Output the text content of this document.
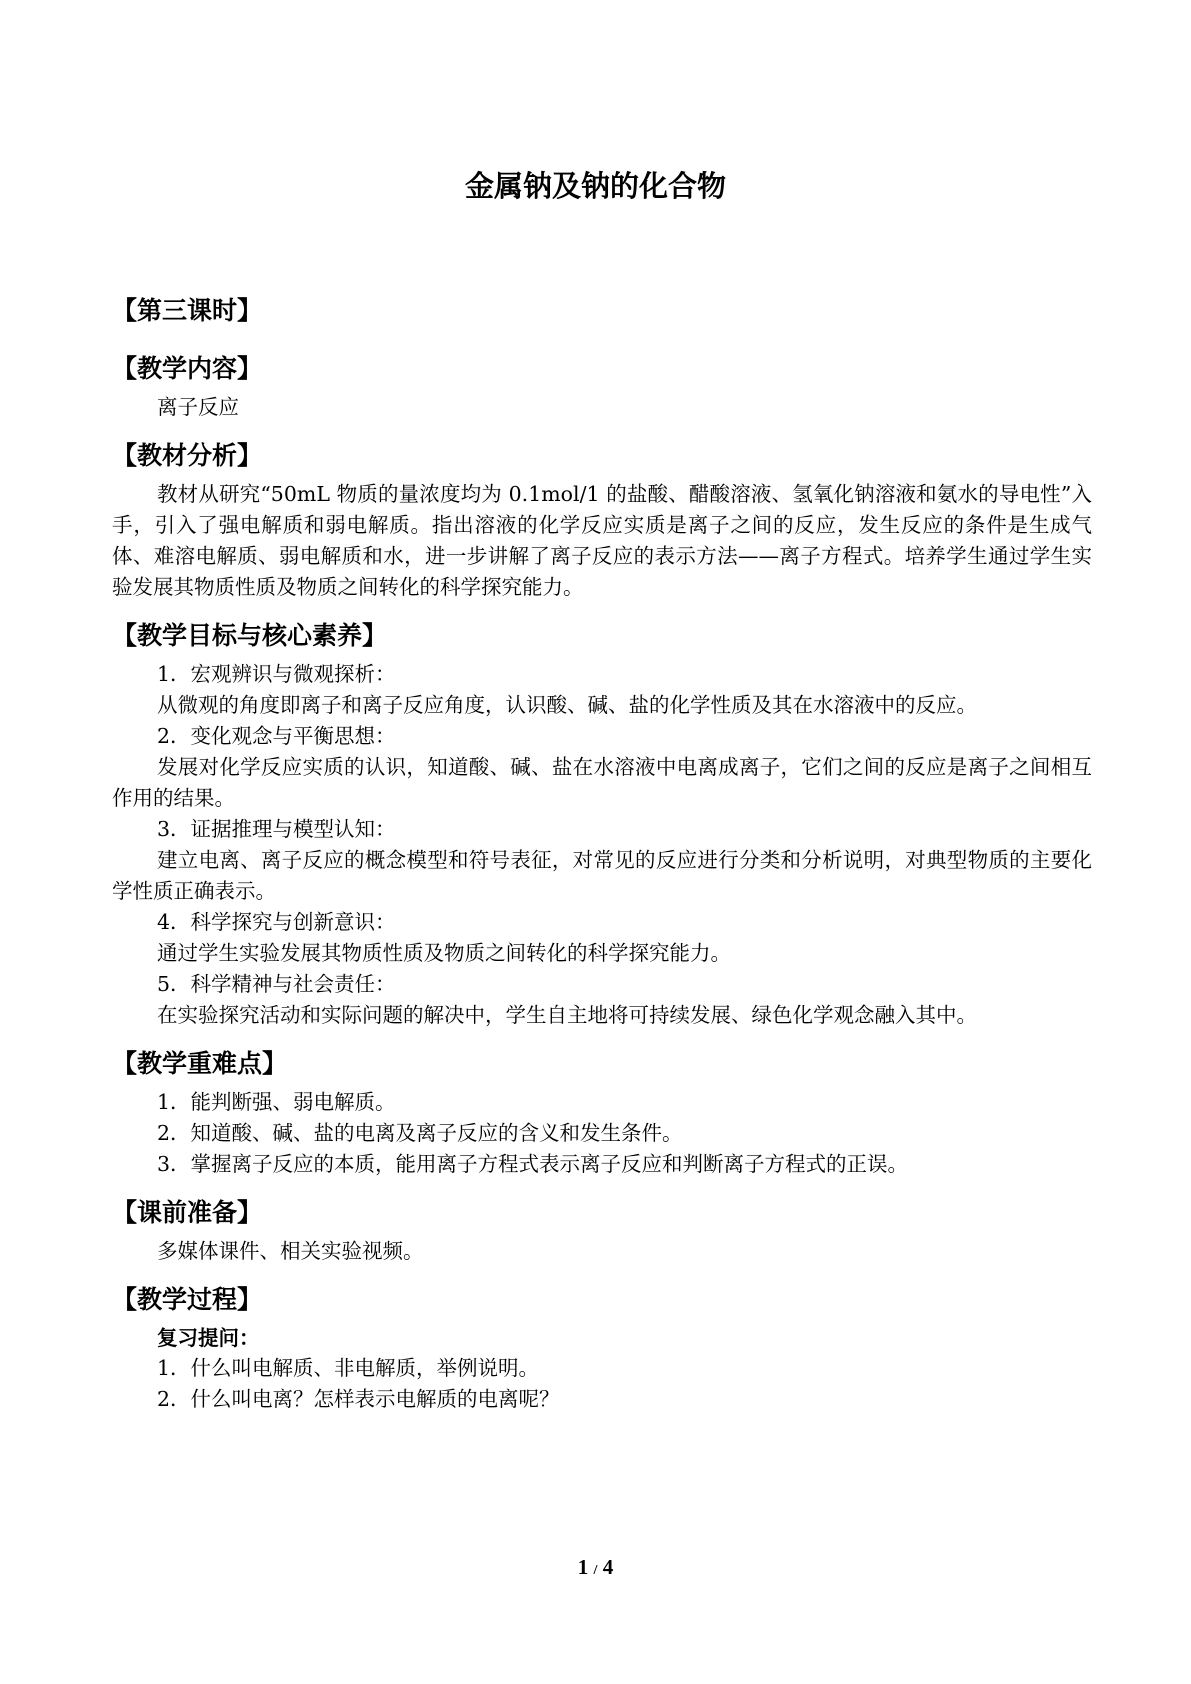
金属钠及钠的化合物
【第三课时】
【教学内容】

离子反应

【教材分析】

教材从研究“50mL 物质的量浓度均为 0.1mol/1 的盐酸、醋酸溶液、氢氧化钠溶液和氨水的导电性”入手，引入了强电解质和弱电解质。指出溶液的化学反应实质是离子之间的反应，发生反应的条件是生成气体、难溶电解质、弱电解质和水，进一步讲解了离子反应的表示方法——离子方程式。培养学生通过学生实验发展其物质性质及物质之间转化的科学探究能力。

【教学目标与核心素养】

1．宏观辨识与微观探析：

从微观的角度即离子和离子反应角度，认识酸、碱、盐的化学性质及其在水溶液中的反应。

2．变化观念与平衡思想：

发展对化学反应实质的认识，知道酸、碱、盐在水溶液中电离成离子，它们之间的反应是离子之间相互作用的结果。

3．证据推理与模型认知：

建立电离、离子反应的概念模型和符号表征，对常见的反应进行分类和分析说明，对典型物质的主要化学性质正确表示。

4．科学探究与创新意识：

通过学生实验发展其物质性质及物质之间转化的科学探究能力。

5．科学精神与社会责任：

在实验探究活动和实际问题的解决中，学生自主地将可持续发展、绿色化学观念融入其中。

【教学重难点】

1．能判断强、弱电解质。

2．知道酸、碱、盐的电离及离子反应的含义和发生条件。

3．掌握离子反应的本质，能用离子方程式表示离子反应和判断离子方程式的正误。

【课前准备】

多媒体课件、相关实验视频。

【教学过程】

复习提问：

1．什么叫电解质、非电解质，举例说明。

2．什么叫电离？怎样表示电解质的电离呢？

1 / 4
